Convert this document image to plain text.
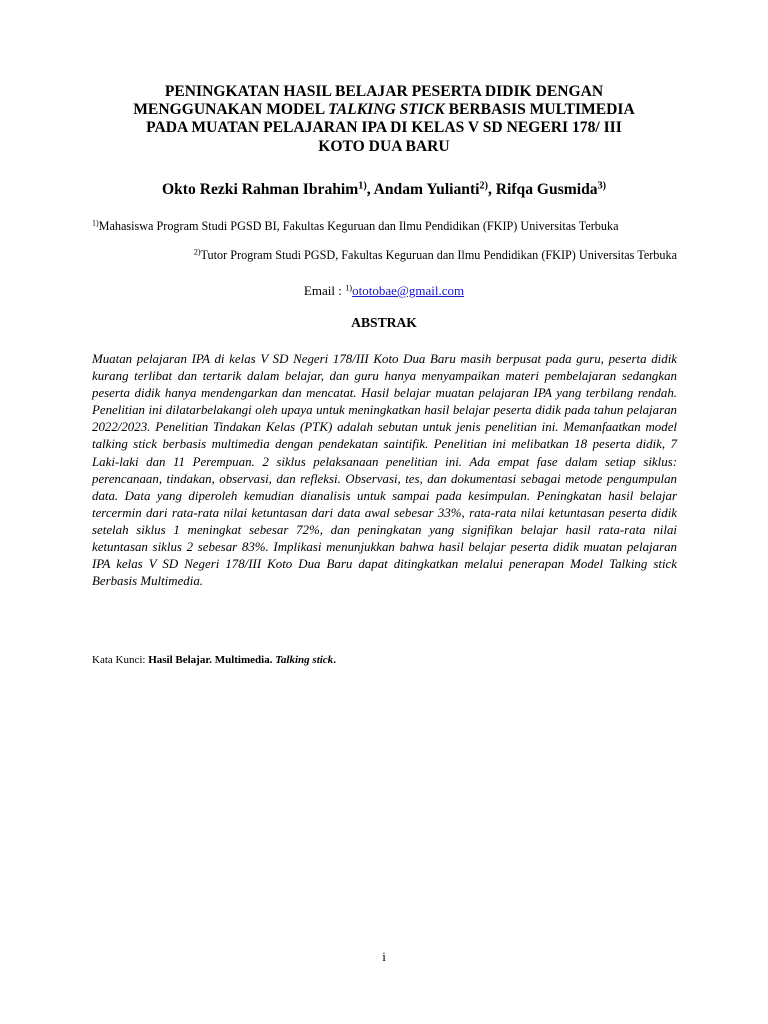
PENINGKATAN HASIL BELAJAR PESERTA DIDIK DENGAN
MENGGUNAKAN MODEL TALKING STICK BERBASIS MULTIMEDIA
PADA MUATAN PELAJARAN IPA DI KELAS V SD NEGERI 178/ III
KOTO DUA BARU
Okto Rezki Rahman Ibrahim$^{1)}$, Andam Yulianti$^{2)}$, Rifqa Gusmida$^{3)}$
$^{1)}$Mahasiswa Program Studi PGSD BI, Fakultas Keguruan dan Ilmu Pendidikan (FKIP) Universitas Terbuka
$^{2)}$Tutor Program Studi PGSD, Fakultas Keguruan dan Ilmu Pendidikan (FKIP) Universitas Terbuka
Email : $^{1)}$ototobae@gmail.com
ABSTRAK

Muatan pelajaran IPA di kelas V SD Negeri 178/III Koto Dua Baru masih berpusat pada guru, peserta didik kurang terlibat dan tertarik dalam belajar, dan guru hanya menyampaikan materi pembelajaran sedangkan peserta didik hanya mendengarkan dan mencatat. Hasil belajar muatan pelajaran IPA yang terbilang rendah. Penelitian ini dilatarbelakangi oleh upaya untuk meningkatkan hasil belajar peserta didik pada tahun pelajaran 2022/2023. Penelitian Tindakan Kelas (PTK) adalah sebutan untuk jenis penelitian ini. Memanfaatkan model talking stick berbasis multimedia dengan pendekatan saintifik. Penelitian ini melibatkan 18 peserta didik, 7 Laki-laki dan 11 Perempuan. 2 siklus pelaksanaan penelitian ini. Ada empat fase dalam setiap siklus: perencanaan, tindakan, observasi, dan refleksi. Observasi, tes, dan dokumentasi sebagai metode pengumpulan data. Data yang diperoleh kemudian dianalisis untuk sampai pada kesimpulan. Peningkatan hasil belajar tercermin dari rata-rata nilai ketuntasan dari data awal sebesar 33%, rata-rata nilai ketuntasan peserta didik setelah siklus 1 meningkat sebesar 72%, dan peningkatan yang signifikan belajar hasil rata-rata nilai ketuntasan siklus 2 sebesar 83%. Implikasi menunjukkan bahwa hasil belajar peserta didik muatan pelajaran IPA kelas V SD Negeri 178/III Koto Dua Baru dapat ditingkatkan melalui penerapan Model Talking stick Berbasis Multimedia.

Kata Kunci: Hasil Belajar. Multimedia. Talking stick.
i
